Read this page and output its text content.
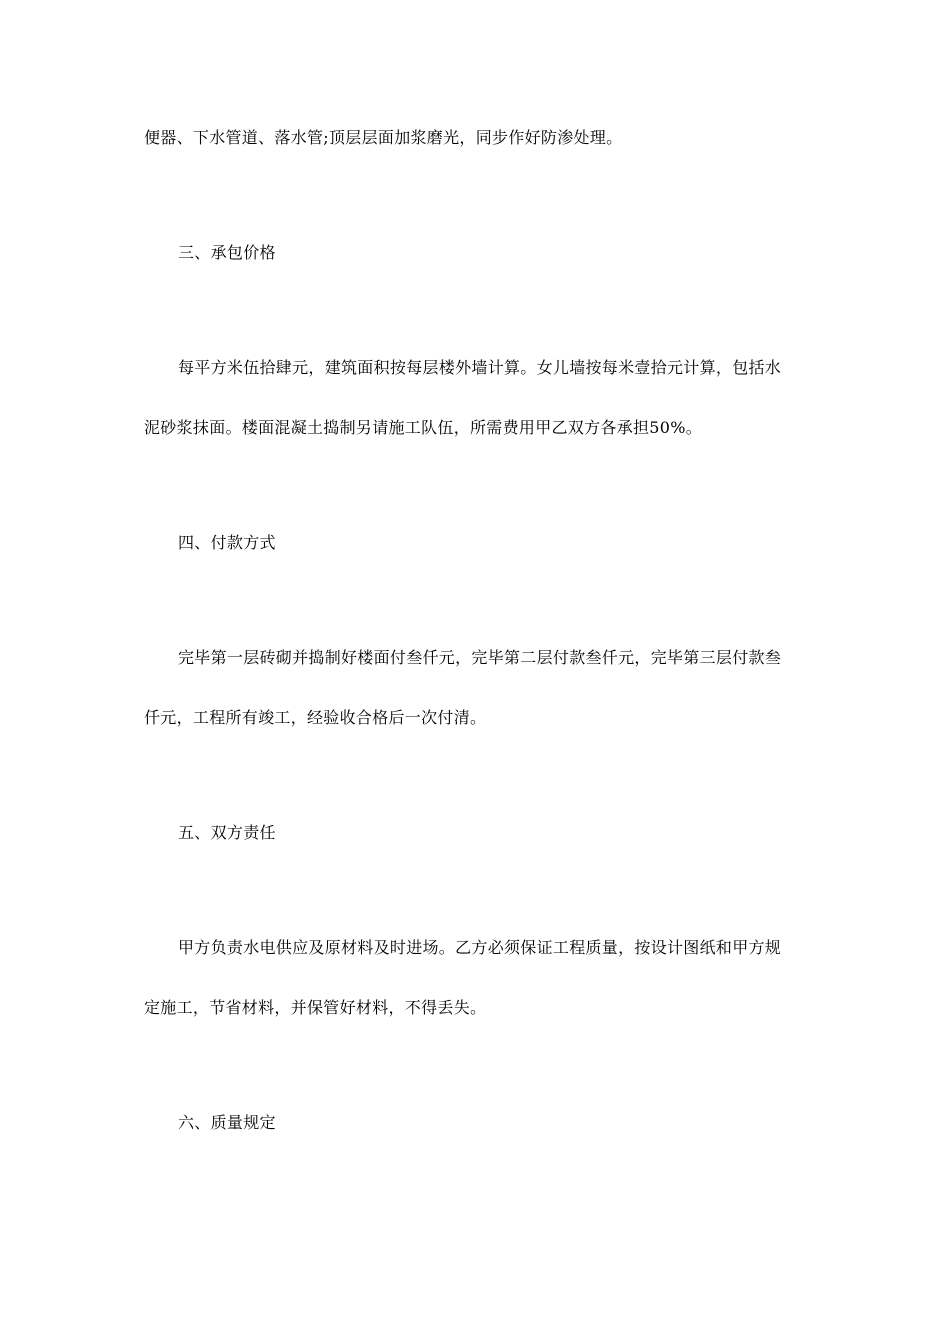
便器、下水管道、落水管;顶层层面加浆磨光，同步作好防渗处理。
三、承包价格
每平方米伍拾肆元，建筑面积按每层楼外墙计算。女儿墙按每米壹拾元计算，包括水
泥砂浆抹面。楼面混凝土捣制另请施工队伍，所需费用甲乙双方各承担50%。
四、付款方式
完毕第一层砖砌并捣制好楼面付叁仟元，完毕第二层付款叁仟元，完毕第三层付款叁
仟元，工程所有竣工，经验收合格后一次付清。
五、双方责任
甲方负责水电供应及原材料及时进场。乙方必须保证工程质量，按设计图纸和甲方规
定施工，节省材料，并保管好材料，不得丢失。
六、质量规定
